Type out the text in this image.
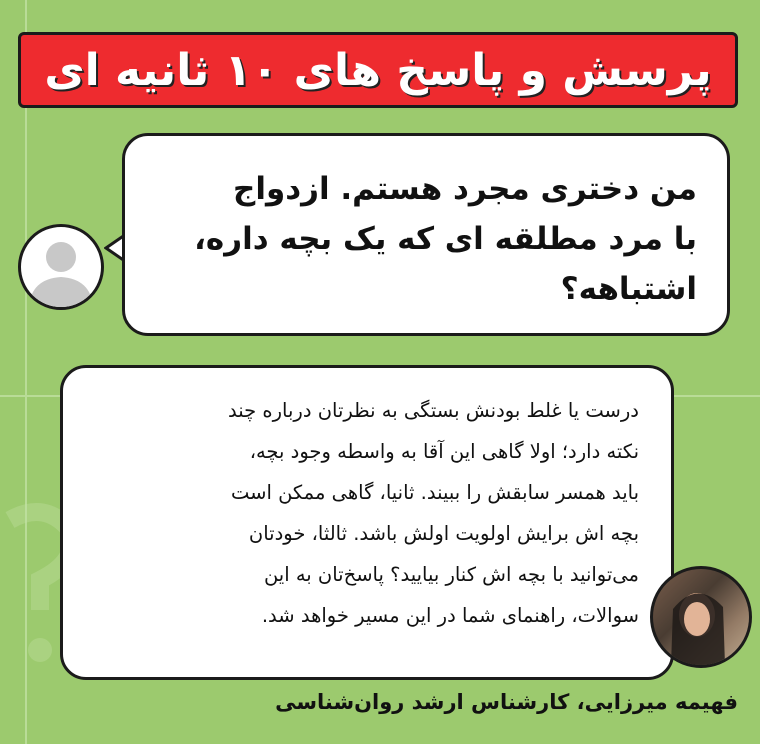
پرسش و پاسخ های ۱۰ ثانیه ای
من دختری مجرد هستم. ازدواج
با مرد مطلقه ای که یک بچه داره،
اشتباهه؟
درست یا غلط بودنش بستگی به نظرتان درباره چند
نکته دارد؛ اولا گاهی این آقا به واسطه وجود بچه،
باید همسر سابقش را ببیند. ثانیا، گاهی ممکن است
بچه اش برایش اولویت اولش باشد. ثالثا، خودتان
می‌توانید با بچه اش کنار بیایید؟ پاسخ‌تان به این
سوالات، راهنمای شما در این مسیر خواهد شد.
فهیمه میرزایی، کارشناس ارشد روان‌شناسی
